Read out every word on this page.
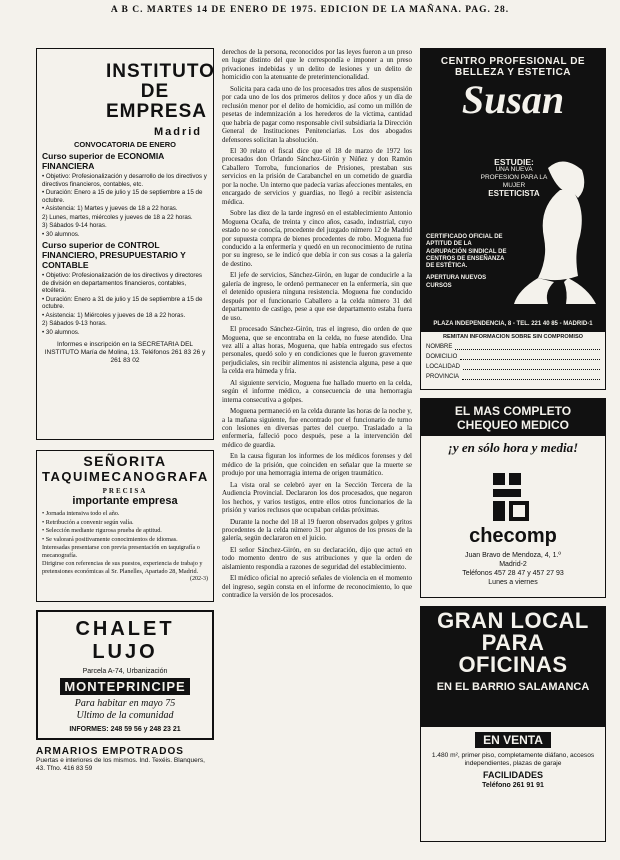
A B C. MARTES 14 DE ENERO DE 1975. EDICION DE LA MAÑANA. PAG. 28.
INSTITUTO
DE
EMPRESA
Madrid
CONVOCATORIA DE ENERO
Curso superior de ECONOMIA FINANCIERA

• Objetivo: Profesionalización y desarrollo de los directivos y directivos financieros, contables, etc.

• Duración: Enero a 15 de julio y 15 de septiembre a 15 de octubre.

• Asistencia: 1) Martes y jueves de 18 a 22 horas.

2) Lunes, martes, miércoles y jueves de 18 a 22 horas.

3) Sábados 9-14 horas.

• 30 alumnos.

Curso superior de CONTROL FINANCIERO, PRESUPUESTARIO Y CONTABLE

• Objetivo: Profesionalización de los directivos y directores de división en departamentos financieros, contables, etcétera.

• Duración: Enero a 31 de julio y 15 de septiembre a 15 de octubre.

• Asistencia: 1) Miércoles y jueves de 18 a 22 horas.

2) Sábados 9-13 horas.

• 30 alumnos.

Informes e inscripción en la SECRETARIA DEL INSTITUTO María de Molina, 13. Teléfonos 261 83 26 y 261 83 02
SEÑORITA
TAQUIMECANOGRAFA
PRECISA
importante empresa

• Jornada intensiva todo el año.

• Retribución a convenir según valía.

• Selección mediante rigurosa prueba de aptitud.

• Se valorará positivamente conocimientos de idiomas.

Interesadas presentarse con previa presentación en taquigrafía o mecanografía.

Dirigirse con referencias de sus puestos, experiencia de trabajo y pretensiones económicas al Sr. Planelles, Apartado 28, Madrid.

(202-3)
CHALET LUJO
Parcela A-74, Urbanización
MONTEPRINCIPE
Para habitar en mayo 75
Ultimo de la comunidad
INFORMES: 248 59 56 y 248 23 21
ARMARIOS EMPOTRADOS
Puertas e interiores de los mismos. Ind. Texéis. Blanquers, 43. Tfno. 416 83 59

derechos de la persona, reconocidos por las leyes fueron a un preso en lugar distinto del que le correspondía e imponer a un preso privaciones indebidas y un delito de lesiones y un delito de homicidio con la atenuante de preterintencionalidad.

Solicita para cada uno de los procesados tres años de suspensión por cada uno de los dos primeros delitos y doce años y un día de reclusión menor por el delito de homicidio, así como un millón de pesetas de indemnización a los herederos de la víctima, cantidad que habría de pagar como responsable civil subsidiaria la Dirección General de Instituciones Penitenciarias. Los dos abogados defensores solicitan la absolución.

El 30 relato el fiscal dice que el 18 de marzo de 1972 los procesados don Orlando Sánchez-Girón y Núñez y don Ramón Caballero Torroba, funcionarios de Prisiones, prestaban sus servicios en la prisión de Carabanchel en un cometido de guardia por la noche. Un interno que padecía varias afecciones mentales, en encargado de servicios y guardias, no llegó a recibir asistencia médica.

Sobre las diez de la tarde ingresó en el establecimiento Antonio Moguena Ocaña, de treinta y cinco años, casado, industrial, cuyo estado no se conocía, procedente del juzgado número 12 de Madrid por supuesta compra de bienes procedentes de robo. Moguena fue conducido a la enfermería y quedó en un reconocimiento de rutina por su ingreso, se le indicó que debía ir con sus cosas a la galería de destino.

El jefe de servicios, Sánchez-Girón, en lugar de conducirle a la galería de ingreso, le ordenó permanecer en la enfermería, sin que el detenido opusiera ninguna resistencia. Moguena fue conducido después por el funcionario Caballero a la celda número 31 del departamento de castigo, pese a que ese departamento estaba fuera de uso.

El procesado Sánchez-Girón, tras el ingreso, dio orden de que Moguena, que se encontraba en la celda, no fuese atendido. Una vez allí a altas horas, Moguena, que había entregado sus efectos personales, quedó solo y en condiciones que le fueron gravemente perjudiciales, sin recibir alimentos ni asistencia alguna, pese a que la celda era húmeda y fría.

Al siguiente servicio, Moguena fue hallado muerto en la celda, según el informe médico, a consecuencia de una hemorragia interna consecutiva a golpes.

Moguena permaneció en la celda durante las horas de la noche y, a la mañana siguiente, fue encontrado por el funcionario de turno con lesiones en diversas partes del cuerpo. Trasladado a la enfermería, falleció poco después, pese a la intervención del médico de guardia.

En la causa figuran los informes de los médicos forenses y del médico de la prisión, que coinciden en señalar que la muerte se produjo por una hemorragia interna de origen traumático.

La vista oral se celebró ayer en la Sección Tercera de la Audiencia Provincial. Declararon los dos procesados, que negaron los hechos, y varios testigos, entre ellos otros funcionarios de la prisión y varios reclusos que ocupaban celdas próximas.

Durante la noche del 18 al 19 fueron observados golpes y gritos procedentes de la celda número 31 por algunos de los presos de la galería, según declararon en el juicio.

El señor Sánchez-Girón, en su declaración, dijo que actuó en todo momento dentro de sus atribuciones y que la orden de aislamiento respondía a razones de seguridad del establecimiento.

El médico oficial no apreció señales de violencia en el momento del ingreso, según consta en el informe de reconocimiento, lo que contradice la versión de los procesados.

CENTRO PROFESIONAL DE BELLEZA Y ESTETICA
Susan
ESTUDIE:
UNA NUEVA PROFESION PARA LA MUJER
ESTETICISTA
CERTIFICADO OFICIAL DE APTITUD DE LA AGRUPACIÓN SINDICAL DE CENTROS DE ENSEÑANZA DE ESTÉTICA.
APERTURA NUEVOS CURSOS
PLAZA INDEPENDENCIA, 8 - TEL. 221 40 85 - MADRID-1
REMITAN INFORMACION SOBRE SIN COMPROMISO
NOMBRE
DOMICILIO
LOCALIDAD
PROVINCIA
EL MAS COMPLETO
CHEQUEO MEDICO
¡y en sólo hora y media!
checomp
Juan Bravo de Mendoza, 4, 1.º
Madrid-2
Teléfonos 457 28 47 y 457 27 93
Lunes a viernes
GRAN LOCAL
PARA
OFICINAS
EN EL BARRIO SALAMANCA
EN VENTA
1.480 m², primer piso, completamente diáfano, accesos independientes, plazas de garaje
FACILIDADES
Teléfono 261 91 91
